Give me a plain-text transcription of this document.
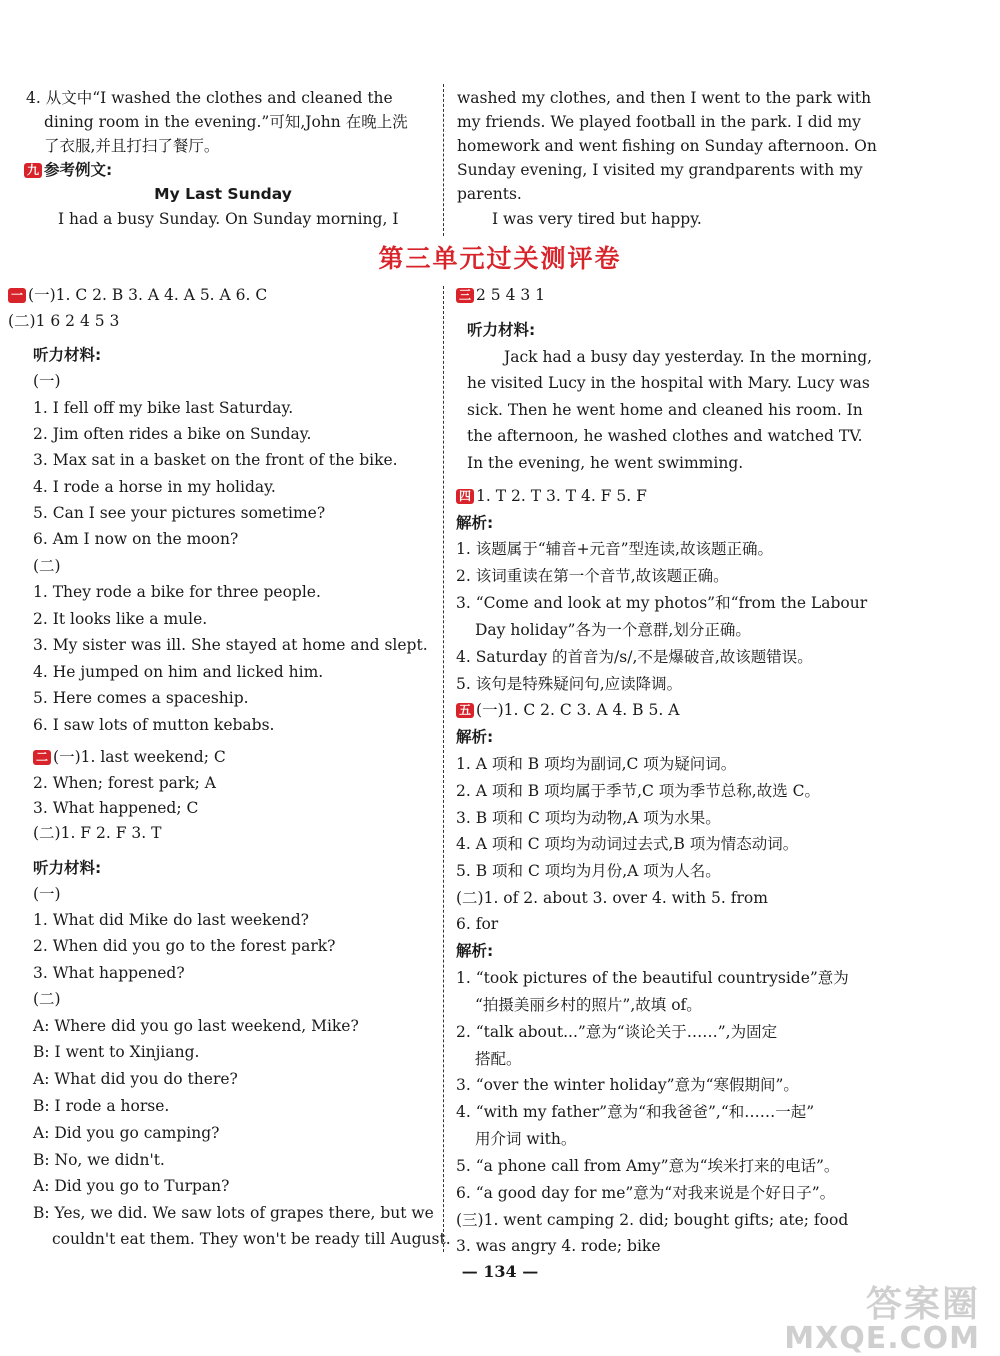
4. 从文中“I washed the clothes and cleaned the
dining room in the evening.”可知,John 在晚上洗
了衣服,并且打扫了餐厅。
九 参考例文:
My Last Sunday
I had a busy Sunday. On Sunday morning, I
washed my clothes, and then I went to the park with
my friends. We played football in the park. I did my
homework and went fishing on Sunday afternoon. On
Sunday evening, I visited my grandparents with my
parents.
I was very tired but happy.
第三单元过关测评卷
一 (一)1. C 2. B 3. A 4. A 5. A 6. C
(二)1 6 2 4 5 3
听力材料:
(一)
1. I fell off my bike last Saturday.
2. Jim often rides a bike on Sunday.
3. Max sat in a basket on the front of the bike.
4. I rode a horse in my holiday.
5. Can I see your pictures sometime?
6. Am I now on the moon?
(二)
1. They rode a bike for three people.
2. It looks like a mule.
3. My sister was ill. She stayed at home and slept.
4. He jumped on him and licked him.
5. Here comes a spaceship.
6. I saw lots of mutton kebabs.
二 (一)1. last weekend; C
2. When; forest park; A
3. What happened; C
(二)1. F 2. F 3. T
听力材料:
(一)
1. What did Mike do last weekend?
2. When did you go to the forest park?
3. What happened?
(二)
A: Where did you go last weekend, Mike?
B: I went to Xinjiang.
A: What did you do there?
B: I rode a horse.
A: Did you go camping?
B: No, we didn't.
A: Did you go to Turpan?
B: Yes, we did. We saw lots of grapes there, but we
couldn't eat them. They won't be ready till August.
三 2 5 4 3 1
听力材料:
Jack had a busy day yesterday. In the morning,
he visited Lucy in the hospital with Mary. Lucy was
sick. Then he went home and cleaned his room. In
the afternoon, he washed clothes and watched TV.
In the evening, he went swimming.
四 1. T 2. T 3. T 4. F 5. F
解析:
1. 该题属于“辅音+元音”型连读,故该题正确。
2. 该词重读在第一个音节,故该题正确。
3. “Come and look at my photos”和“from the Labour
Day holiday”各为一个意群,划分正确。
4. Saturday 的首音为/s/,不是爆破音,故该题错误。
5. 该句是特殊疑问句,应读降调。
五 (一)1. C 2. C 3. A 4. B 5. A
解析:
1. A 项和 B 项均为副词,C 项为疑问词。
2. A 项和 B 项均属于季节,C 项为季节总称,故选 C。
3. B 项和 C 项均为动物,A 项为水果。
4. A 项和 C 项均为动词过去式,B 项为情态动词。
5. B 项和 C 项均为月份,A 项为人名。
(二)1. of 2. about 3. over 4. with 5. from
6. for
解析:
1. “took pictures of the beautiful countryside”意为
“拍摄美丽乡村的照片”,故填 of。
2. “talk about...”意为“谈论关于……”,为固定
搭配。
3. “over the winter holiday”意为“寒假期间”。
4. “with my father”意为“和我爸爸”,“和……一起”
用介词 with。
5. “a phone call from Amy”意为“埃米打来的电话”。
6. “a good day for me”意为“对我来说是个好日子”。
(三)1. went camping 2. did; bought gifts; ate; food
3. was angry 4. rode; bike
— 134 —
答案圈
MXQE.COM
